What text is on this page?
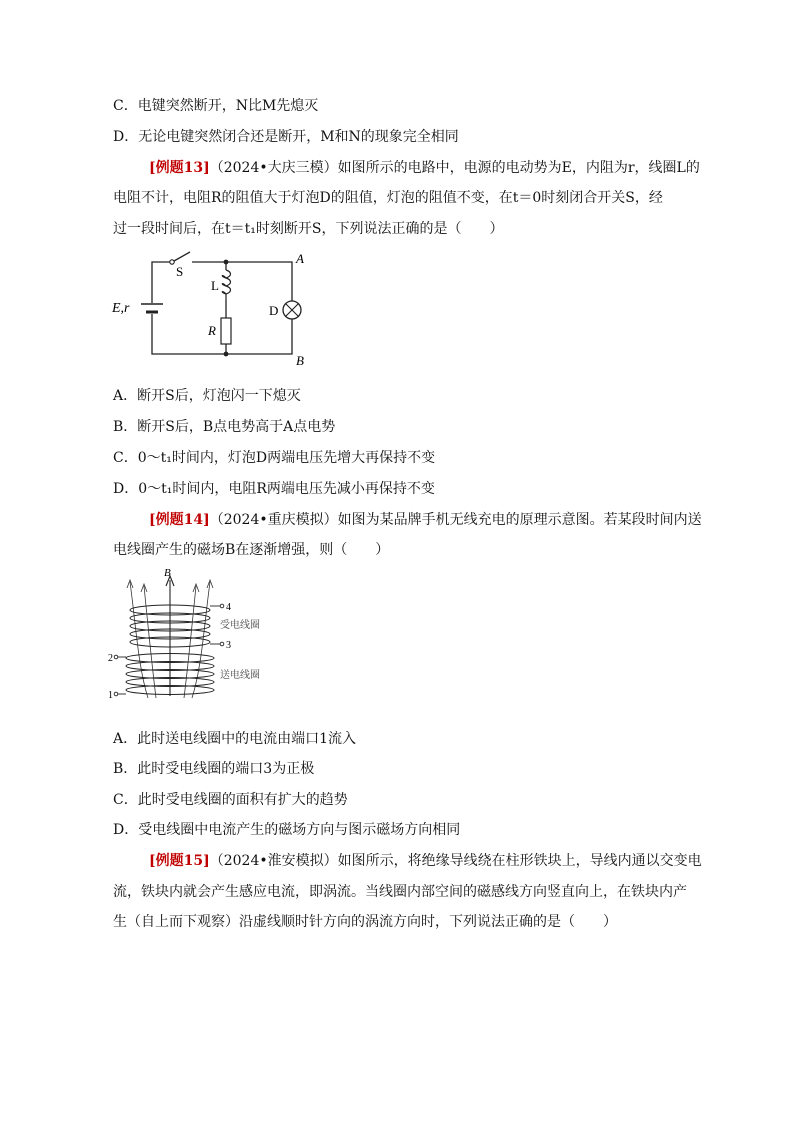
C．电键突然断开，N比M先熄灭
D．无论电键突然闭合还是断开，M和N的现象完全相同
[例题13]（2024•大庆三模）如图所示的电路中，电源的电动势为E，内阻为r，线圈L的
电阻不计，电阻R的阻值大于灯泡D的阻值，灯泡的阻值不变，在t＝0时刻闭合开关S，经
过一段时间后，在t＝t₁时刻断开S，下列说法正确的是（　　）
S
A
B
L
R
D
E,r
A．断开S后，灯泡闪一下熄灭
B．断开S后，B点电势高于A点电势
C．0～t₁时间内，灯泡D两端电压先增大再保持不变
D．0～t₁时间内，电阻R两端电压先减小再保持不变
[例题14]（2024•重庆模拟）如图为某品牌手机无线充电的原理示意图。若某段时间内送
电线圈产生的磁场B在逐渐增强，则（　　）
B
4
3
受电线圈
2
1
送电线圈
A．此时送电线圈中的电流由端口1流入
B．此时受电线圈的端口3为正极
C．此时受电线圈的面积有扩大的趋势
D．受电线圈中电流产生的磁场方向与图示磁场方向相同
[例题15]（2024•淮安模拟）如图所示，将绝缘导线绕在柱形铁块上，导线内通以交变电
流，铁块内就会产生感应电流，即涡流。当线圈内部空间的磁感线方向竖直向上，在铁块内产
生（自上而下观察）沿虚线顺时针方向的涡流方向时，下列说法正确的是（　　）
